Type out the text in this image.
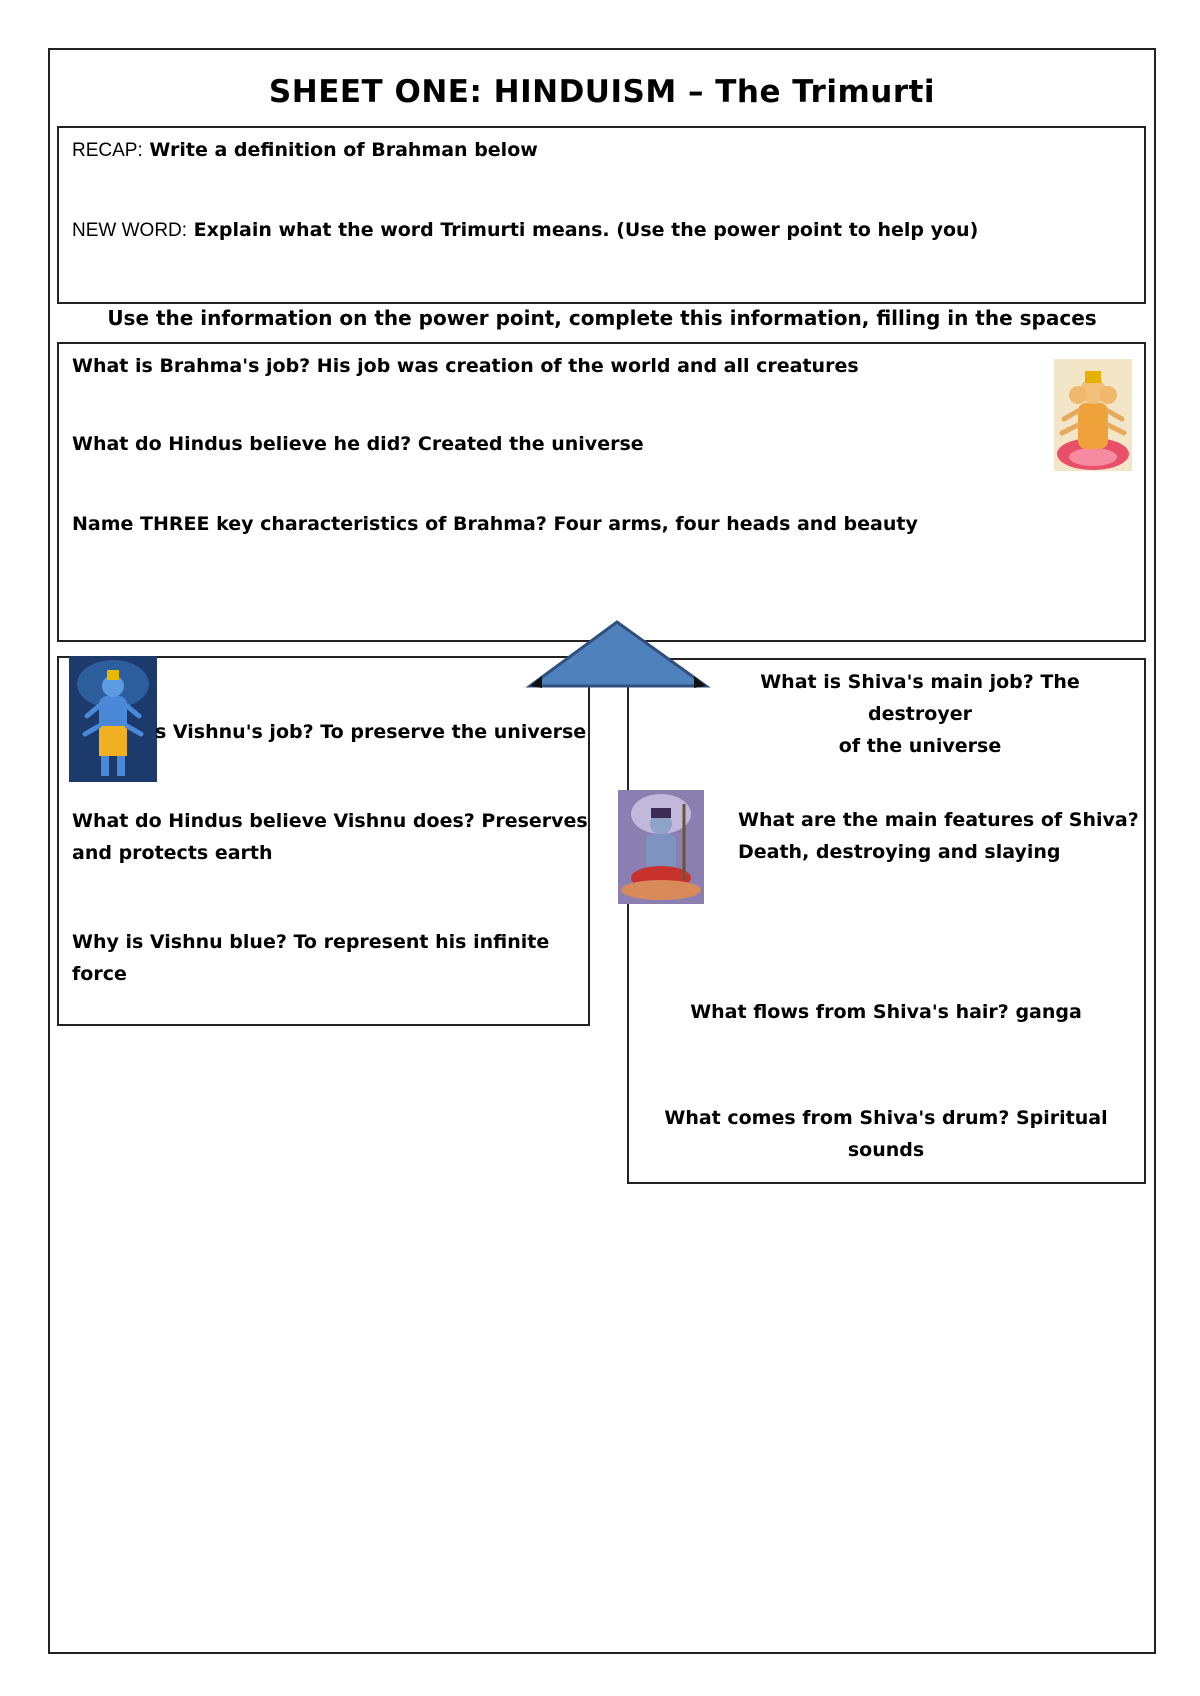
SHEET ONE: HINDUISM – The Trimurti
RECAP: Write a definition of Brahman below
NEW WORD: Explain what the word Trimurti means. (Use the power point to help you)
Use the information on the power point, complete this information, filling in the spaces
What is Brahma's job? His job was creation of the world and all creatures
What do Hindus believe he did? Created the universe
Name THREE key characteristics of Brahma? Four arms, four heads and beauty
s Vishnu's job? To preserve the universe
What do Hindus believe Vishnu does? Preserves
and protects earth
Why is Vishnu blue? To represent his infinite
force
What is Shiva's main job? The destroyer
of the universe
What are the main features of Shiva?
Death, destroying and slaying
What flows from Shiva's hair? ganga
What comes from Shiva's drum? Spiritual
sounds
